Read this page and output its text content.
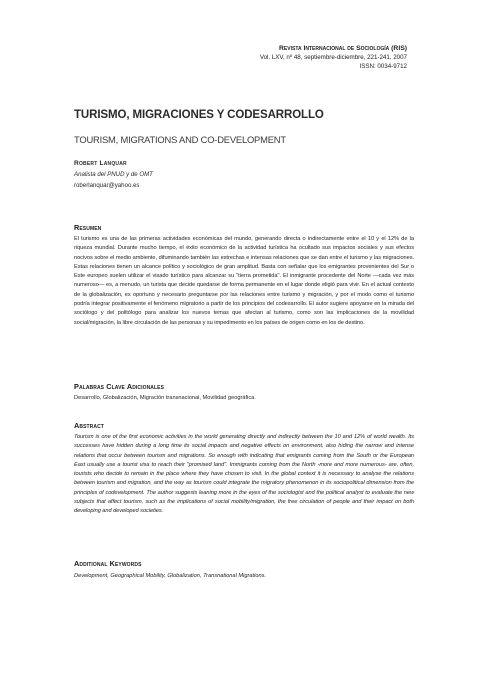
Revista Internacional de Sociología (RIS)
Vol. LXV, nº 48, septiembre-diciembre, 221-241, 2007
ISSN: 0034-9712
TURISMO, MIGRACIONES Y CODESARROLLO
TOURISM, MIGRATIONS AND CO-DEVELOPMENT
Robert Lanquar
Analista del PNUD y de OMT
roberlanquar@yahoo.es
Resumen
El turismo es una de las primeras actividades económicas del mundo, generando directa o indirectamente entre el 10 y el 12% de la riqueza mundial. Durante mucho tiempo, el éxito económico de la actividad turística ha ocultado sus impactos sociales y sus efectos nocivos sobre el medio ambiente, difuminando también las estrechas e intensas relaciones que se dan entre el turismo y las migraciones. Estas relaciones tienen un alcance político y sociológico de gran amplitud. Basta con señalar que los emigrantes provenientes del Sur o Este europeo suelen utilizar el visado turístico para alcanzar su "tierra prometida". El inmigrante procedente del Norte —cada vez más numeroso— es, a menudo, un turista que decide quedarse de forma permanente en el lugar donde eligió para vivir. En el actual contexto de la globalización, es oportuno y necesario preguntarse por las relaciones entre turismo y migración, y por el modo como el turismo podría integrar positivamente el fenómeno migratorio a partir de los principios del codesarrollo. El autor sugiere apoyarse en la mirada del sociólogo y del politólogo para analizar los nuevos temas que afectan al turismo, como son las implicaciones de la movilidad social/migración, la libre circulación de las personas y su impedimento en los países de origen como en los de destino.
Palabras Clave Adicionales
Desarrollo, Globalización, Migración transnacional, Movilidad geográfica.
Abstract
Tourism is one of the first economic activities in the world generating directly and indirectly between the 10 and 12% of world wealth. Its successes have hidden during a long time its social impacts and negative effects on environment, also hiding the narrow and intense relations that occur between tourism and migrations. So enough with indicating that emigrants coming from the South or the European East usually use a tourist visa to reach their "promised land". Immigrants coming from the North -more and more numerous- are, often, tourists who decide to remain in the place where they have chosen to visit. In the global context it is necessary to analyse the relations between tourism and migration, and the way as tourism could integrate the migratory phenomenon in its sociopolitical dimension from the principles of codevelopment. The author suggests leaning more in the eyes of the sociologist and the political analyst to evaluate the new subjects that affect tourism, such as the implications of social mobility/migration, the free circulation of people and their impact on both developing and developed societies.
Additional Keywords
Development, Geographical Mobility, Globalization, Transnational Migrations.
